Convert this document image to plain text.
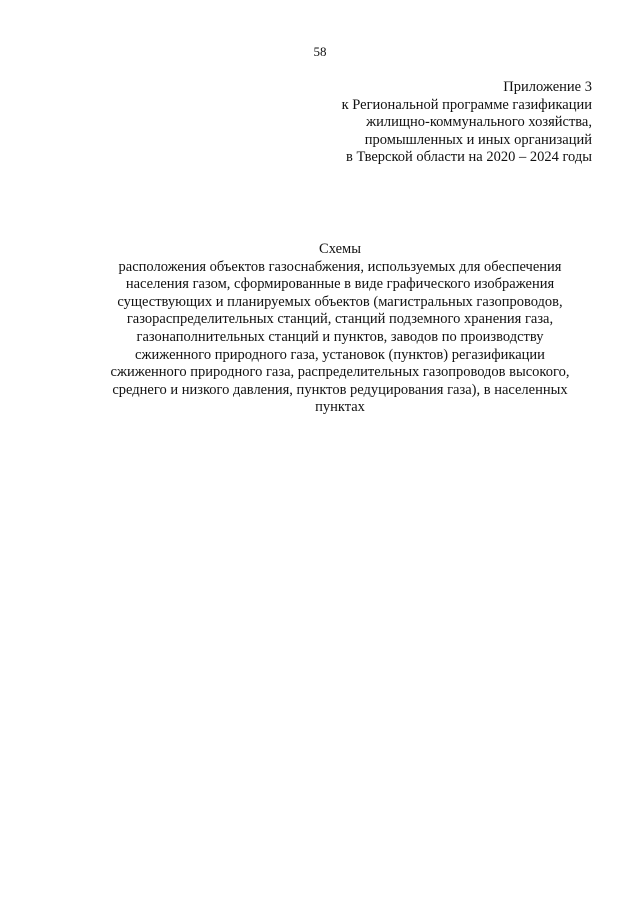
58
Приложение 3
к Региональной программе газификации
жилищно-коммунального хозяйства,
промышленных и иных организаций
в Тверской области на 2020 – 2024 годы
Схемы
расположения объектов газоснабжения, используемых для обеспечения
населения газом, сформированные в виде графического изображения
существующих и планируемых объектов (магистральных газопроводов,
газораспределительных станций, станций подземного хранения газа,
газонаполнительных станций и пунктов, заводов по производству
сжиженного природного газа, установок (пунктов) регазификации
сжиженного природного газа, распределительных газопроводов высокого,
среднего и низкого давления, пунктов редуцирования газа), в населенных
пунктах
